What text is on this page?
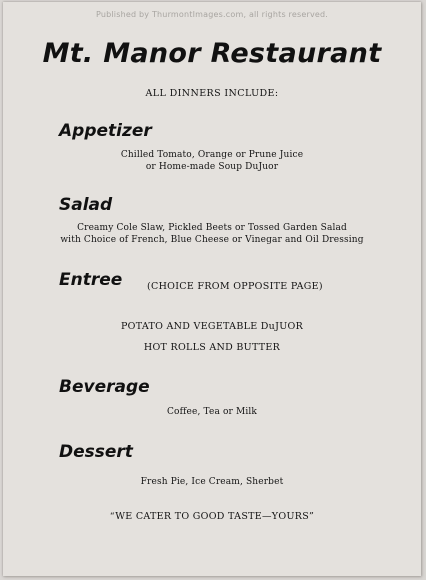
Published by ThurmontImages.com, all rights reserved.
Mt. Manor Restaurant
ALL DINNERS INCLUDE:
Appetizer
Chilled Tomato, Orange or Prune Juice
or Home-made Soup DuJuor
Salad
Creamy Cole Slaw, Pickled Beets or Tossed Garden Salad
with Choice of French, Blue Cheese or Vinegar and Oil Dressing
Entree	(CHOICE FROM OPPOSITE PAGE)
POTATO AND VEGETABLE DuJUOR
HOT ROLLS AND BUTTER
Beverage
Coffee, Tea or Milk
Dessert
Fresh Pie, Ice Cream, Sherbet
“WE CATER TO GOOD TASTE—YOURS”
